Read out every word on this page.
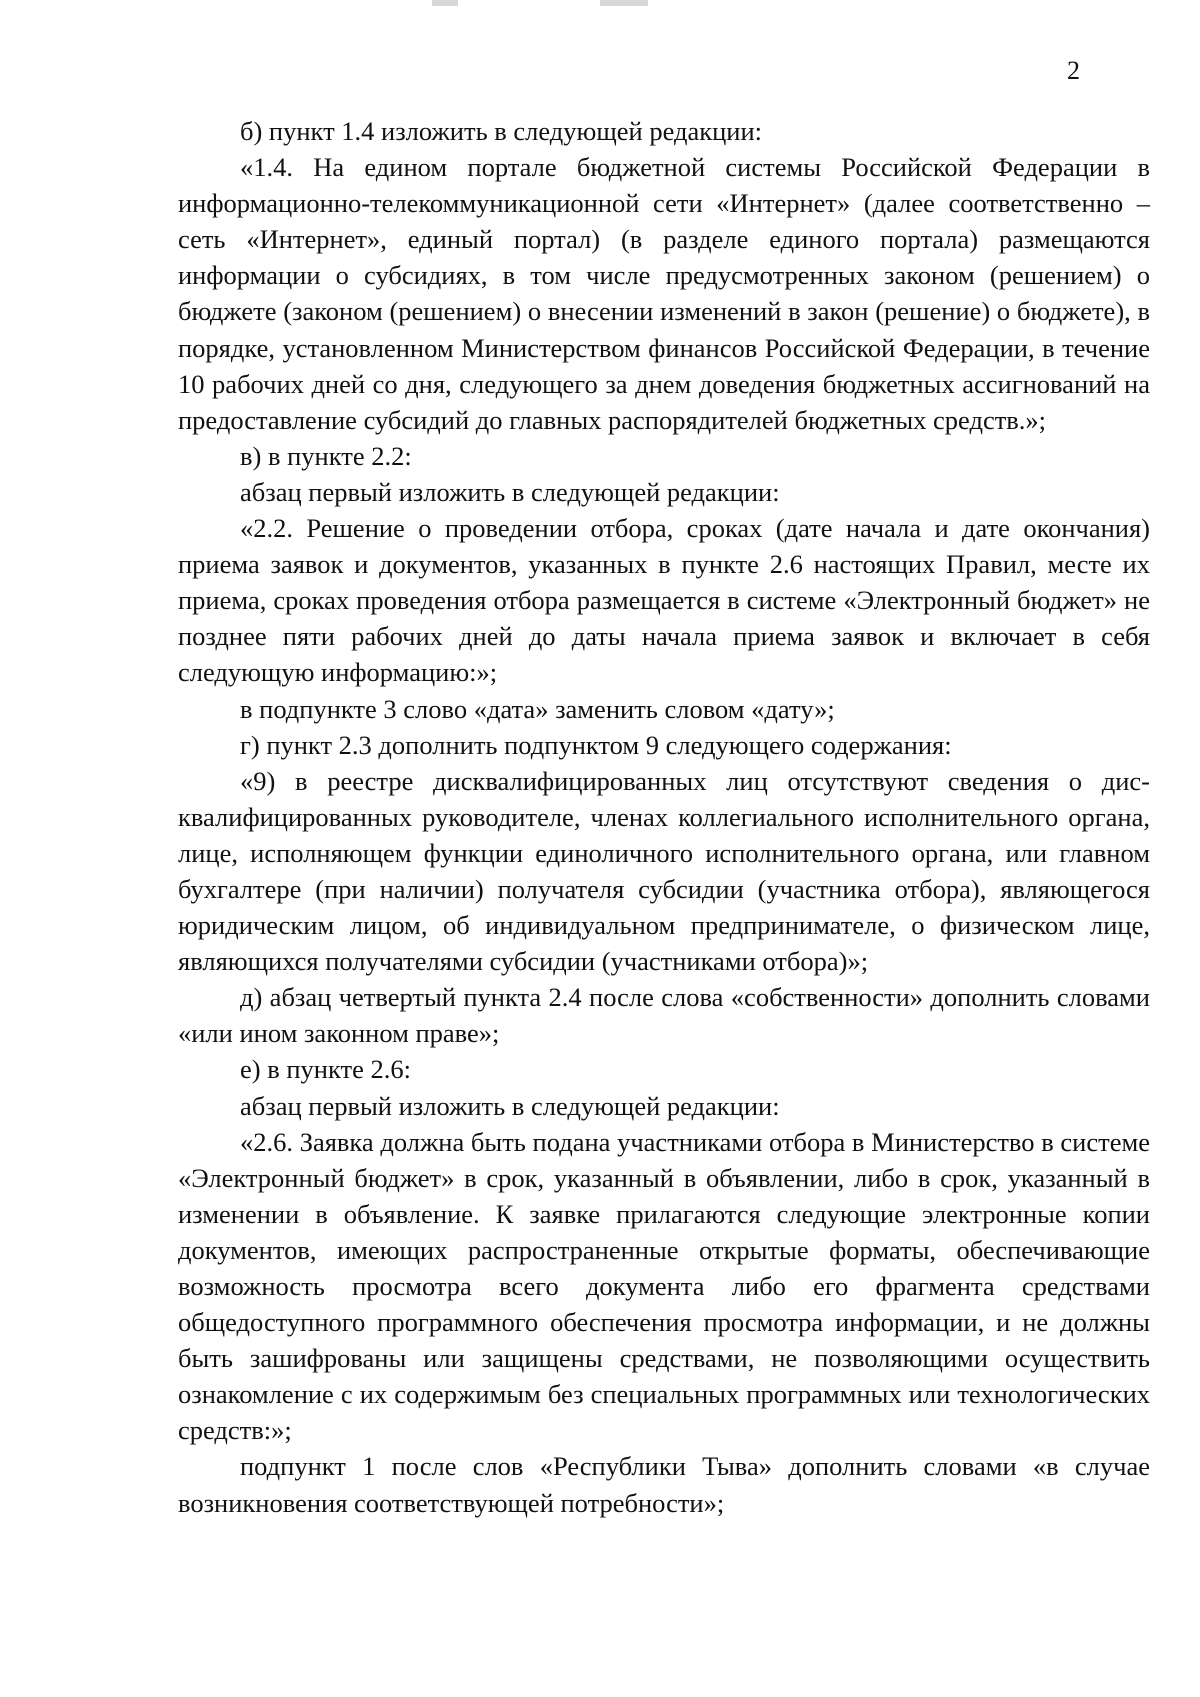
2

б) пункт 1.4 изложить в следующей редакции:

«1.4. На едином портале бюджетной системы Российской Федерации в информационно-телекоммуникационной сети «Интернет» (далее соответственно – сеть «Интернет», единый портал) (в разделе единого портала) размещаются информации о субсидиях, в том числе предусмотренных законом (решением) о бюджете (законом (решением) о внесении изменений в закон (решение) о бюджете), в порядке, установленном Министерством финансов Российской Федерации, в течение 10 рабочих дней со дня, следующего за днем доведения бюджетных ассигнований на предоставление субсидий до главных распорядителей бюджетных средств.»;

в) в пункте 2.2:

абзац первый изложить в следующей редакции:

«2.2. Решение о проведении отбора, сроках (дате начала и дате окончания) приема заявок и документов, указанных в пункте 2.6 настоящих Правил, месте их приема, сроках проведения отбора размещается в системе «Электронный бюджет» не позднее пяти рабочих дней до даты начала приема заявок и включает в себя следующую информацию:»;

в подпункте 3 слово «дата» заменить словом «дату»;

г) пункт 2.3 дополнить подпунктом 9 следующего содержания:

«9) в реестре дисквалифицированных лиц отсутствуют сведения о дисквалифицированных руководителе, членах коллегиального исполнительного органа, лице, исполняющем функции единоличного исполнительного органа, или главном бухгалтере (при наличии) получателя субсидии (участника отбора), являющегося юридическим лицом, об индивидуальном предпринимателе, о физическом лице, являющихся получателями субсидии (участниками отбора)»;

д) абзац четвертый пункта 2.4 после слова «собственности» дополнить словами «или ином законном праве»;

е) в пункте 2.6:

абзац первый изложить в следующей редакции:

«2.6. Заявка должна быть подана участниками отбора в Министерство в системе «Электронный бюджет» в срок, указанный в объявлении, либо в срок, указанный в изменении в объявление. К заявке прилагаются следующие электронные копии документов, имеющих распространенные открытые форматы, обеспечивающие возможность просмотра всего документа либо его фрагмента средствами общедоступного программного обеспечения просмотра информации, и не должны быть зашифрованы или защищены средствами, не позволяющими осуществить ознакомление с их содержимым без специальных программных или технологических средств:»;

подпункт 1 после слов «Республики Тыва» дополнить словами «в случае возникновения соответствующей потребности»;
